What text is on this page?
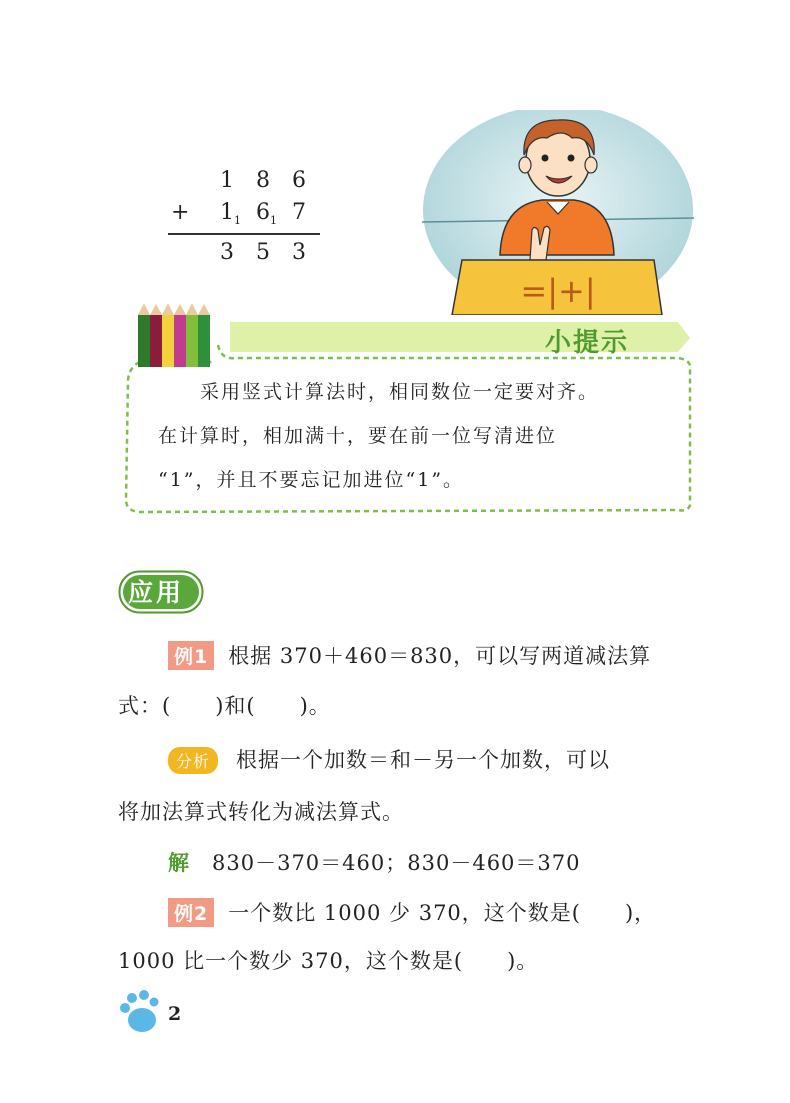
1 8 6
+ 1 1 6 1 7
3 5 3
=|+|
小提示
采用竖式计算法时，相同数位一定要对齐。
在计算时，相加满十，要在前一位写清进位
“1”，并且不要忘记加进位“1”。
应用
例1 根据 370＋460＝830，可以写两道减法算
式：(　　)和(　　)。
分析 根据一个加数＝和－另一个加数，可以
将加法算式转化为减法算式。
解 830－370＝460；830－460＝370
例2 一个数比 1000 少 370，这个数是(　　)，
1000 比一个数少 370，这个数是(　　)。
2
